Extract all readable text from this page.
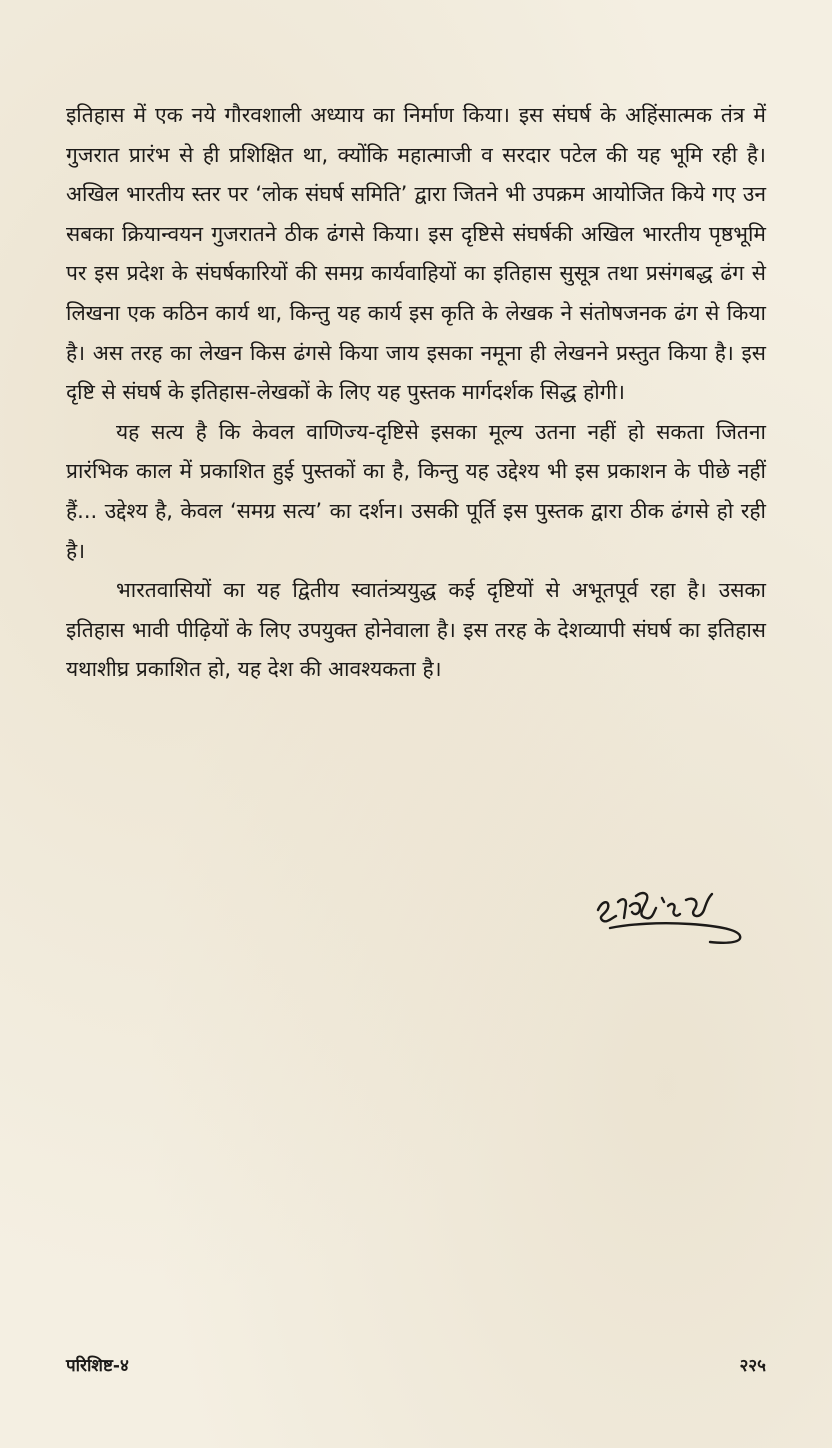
इतिहास में एक नये गौरवशाली अध्याय का निर्माण किया। इस संघर्ष के अहिंसात्मक तंत्र में गुजरात प्रारंभ से ही प्रशिक्षित था, क्योंकि महात्माजी व सरदार पटेल की यह भूमि रही है। अखिल भारतीय स्तर पर ‘लोक संघर्ष समिति’ द्वारा जितने भी उपक्रम आयोजित किये गए उन सबका क्रियान्वयन गुजरातने ठीक ढंगसे किया। इस दृष्टिसे संघर्षकी अखिल भारतीय पृष्ठभूमि पर इस प्रदेश के संघर्षकारियों की समग्र कार्यवाहियों का इतिहास सुसूत्र तथा प्रसंगबद्ध ढंग से लिखना एक कठिन कार्य था, किन्तु यह कार्य इस कृति के लेखक ने संतोषजनक ढंग से किया है। अस तरह का लेखन किस ढंगसे किया जाय इसका नमूना ही लेखनने प्रस्तुत किया है। इस दृष्टि से संघर्ष के इतिहास-लेखकों के लिए यह पुस्तक मार्गदर्शक सिद्ध होगी।

यह सत्य है कि केवल वाणिज्य-दृष्टिसे इसका मूल्य उतना नहीं हो सकता जितना प्रारंभिक काल में प्रकाशित हुई पुस्तकों का है, किन्तु यह उद्देश्य भी इस प्रकाशन के पीछे नहीं हैं... उद्देश्य है, केवल ‘समग्र सत्य’ का दर्शन। उसकी पूर्ति इस पुस्तक द्वारा ठीक ढंगसे हो रही है।

भारतवासियों का यह द्वितीय स्वातंत्र्ययुद्ध कई दृष्टियों से अभूतपूर्व रहा है। उसका इतिहास भावी पीढ़ियों के लिए उपयुक्त होनेवाला है। इस तरह के देशव्यापी संघर्ष का इतिहास यथाशीघ्र प्रकाशित हो, यह देश की आवश्यकता है।

परिशिष्ट-४	२२५
